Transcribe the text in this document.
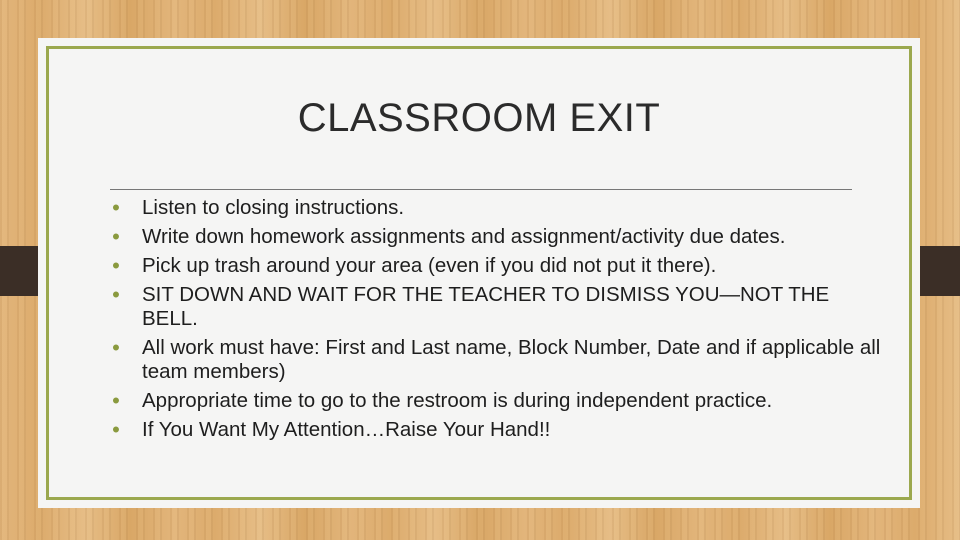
CLASSROOM EXIT
• Listen to closing instructions.
• Write down homework assignments and assignment/activity due dates.
• Pick up trash around your area (even if you did not put it there).
• SIT DOWN AND WAIT FOR THE TEACHER TO DISMISS YOU—NOT THE BELL.
• All work must have: First and Last name, Block Number, Date and if applicable all team members)
• Appropriate time to go to the restroom is during independent practice.
• If You Want My Attention…Raise Your Hand!!
